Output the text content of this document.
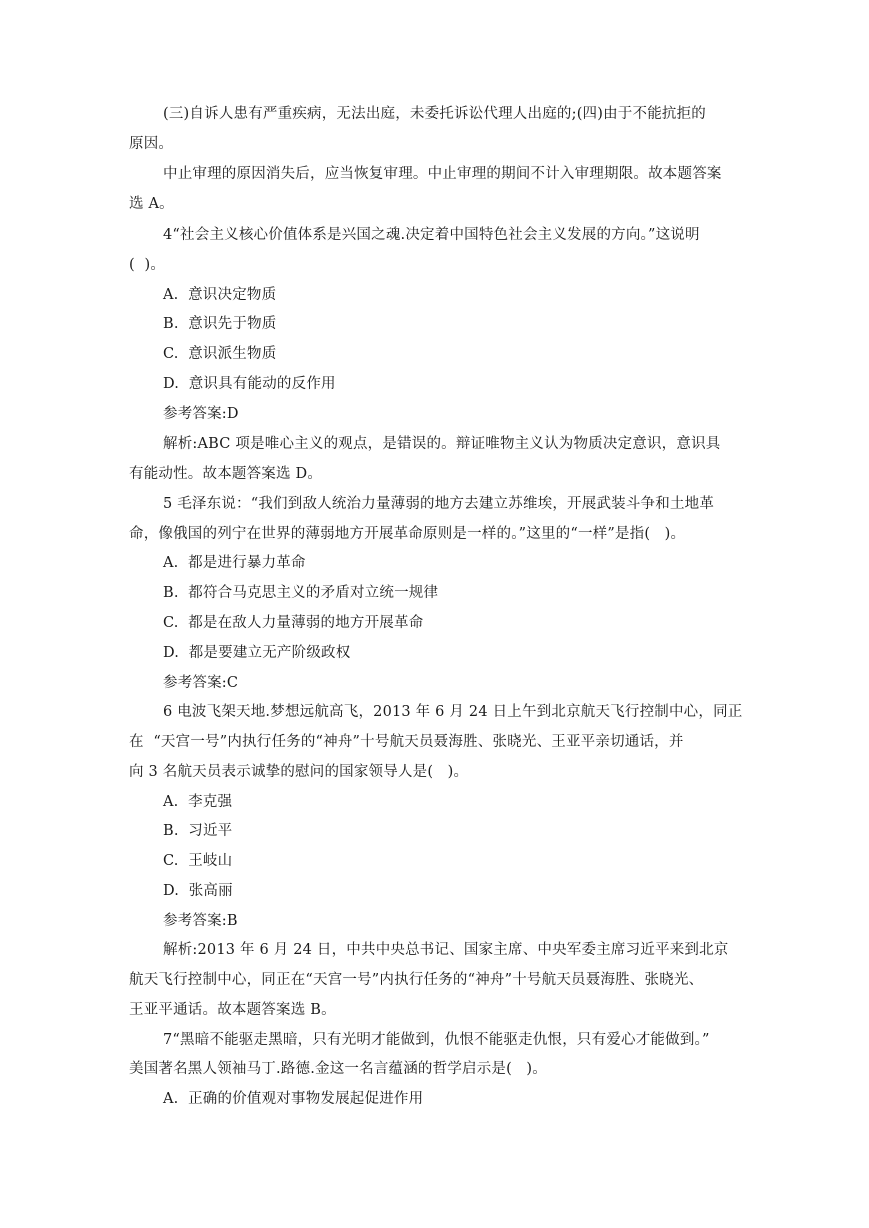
(三)自诉人患有严重疾病，无法出庭，未委托诉讼代理人出庭的;(四)由于不能抗拒的
原因。
中止审理的原因消失后，应当恢复审理。中止审理的期间不计入审理期限。故本题答案
选 A。
4“社会主义核心价值体系是兴国之魂.决定着中国特色社会主义发展的方向。”这说明
(  )。
A.  意识决定物质
B.  意识先于物质
C.  意识派生物质
D.  意识具有能动的反作用
参考答案:D
解析:ABC 项是唯心主义的观点，是错误的。辩证唯物主义认为物质决定意识，意识具
有能动性。故本题答案选 D。
5 毛泽东说：“我们到敌人统治力量薄弱的地方去建立苏维埃，开展武装斗争和土地革
命，像俄国的列宁在世界的薄弱地方开展革命原则是一样的。”这里的“一样”是指(   )。
A.  都是进行暴力革命
B.  都符合马克思主义的矛盾对立统一规律
C.  都是在敌人力量薄弱的地方开展革命
D.  都是要建立无产阶级政权
参考答案:C
6 电波飞架天地.梦想远航高飞，2013 年 6 月 24 日上午到北京航天飞行控制中心，同正
在  “天宫一号”内执行任务的“神舟”十号航天员聂海胜、张晓光、王亚平亲切通话，并
向 3 名航天员表示诚挚的慰问的国家领导人是(   )。
A.  李克强
B.  习近平
C.  王岐山
D.  张高丽
参考答案:B
解析:2013 年 6 月 24 日，中共中央总书记、国家主席、中央军委主席习近平来到北京
航天飞行控制中心，同正在“天宫一号”内执行任务的“神舟”十号航天员聂海胜、张晓光、
王亚平通话。故本题答案选 B。
7“黑暗不能驱走黑暗，只有光明才能做到，仇恨不能驱走仇恨，只有爱心才能做到。”
美国著名黑人领袖马丁.路德.金这一名言蕴涵的哲学启示是(   )。
A.  正确的价值观对事物发展起促进作用
